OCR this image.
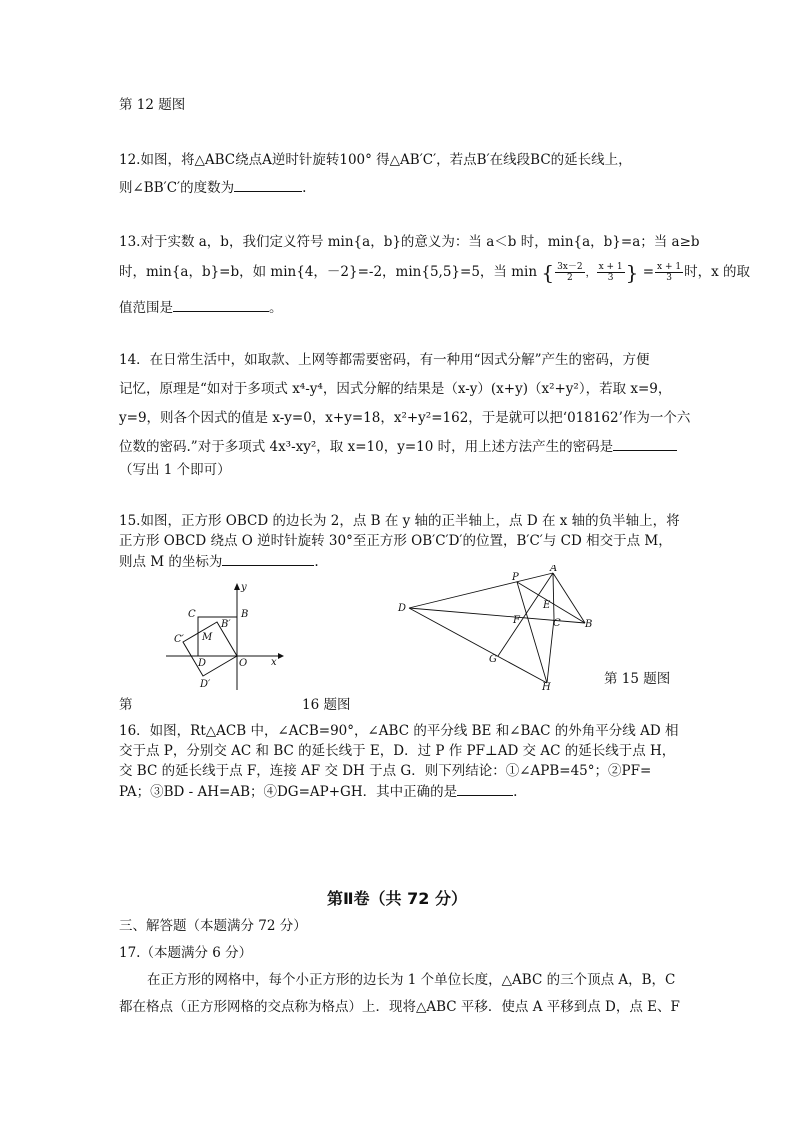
第 12 题图
12.如图，将△ABC绕点A逆时针旋转100° 得△AB′C′，若点B′在线段BC的延长线上，
则∠BB′C′的度数为	.
13.对于实数 a，b，我们定义符号 min{a，b}的意义为：当 a＜b 时，min{a，b}=a；当 a≥b
时，min{a，b}=b，如 min{4，－2}=-2，min{5,5}=5，当 min { $\frac{3x-2}{2}$ ， $\frac{x + 1}{3}$ } = $\frac{x + 1}{3}$ 时，x 的取
值范围是	。
14．在日常生活中，如取款、上网等都需要密码，有一种用“因式分解”产生的密码，方便
记忆，原理是“如对于多项式 x⁴-y⁴，因式分解的结果是（x-y）(x+y)（x²+y²），若取 x=9，
y=9，则各个因式的值是 x-y=0，x+y=18，x²+y²=162，于是就可以把‘018162’作为一个六
位数的密码.”对于多项式 4x³-xy²，取 x=10，y=10 时，用上述方法产生的密码是
（写出 1 个即可）
15.如图，正方形 OBCD 的边长为 2，点 B 在 y 轴的正半轴上，点 D 在 x 轴的负半轴上，将
正方形 OBCD 绕点 O 逆时针旋转 30°至正方形 OB′C′D′的位置，B′C′与 CD 相交于点 M，
则点 M 的坐标为	.
y
x
O
B
C
D
B′
C′
D′
M
P
A
E
D
F	C B
G
H
第 15 题图
第	16 题图
16．如图，Rt△ACB 中，∠ACB=90°，∠ABC 的平分线 BE 和∠BAC 的外角平分线 AD 相
交于点 P，分别交 AC 和 BC 的延长线于 E，D．过 P 作 PF⊥AD 交 AC 的延长线于点 H，
交 BC 的延长线于点 F，连接 AF 交 DH 于点 G．则下列结论：①∠APB=45°；②PF=
PA；③BD - AH=AB；④DG=AP+GH．其中正确的是	.
第Ⅱ卷（共 72 分）
三、解答题（本题满分 72 分）
17.（本题满分 6 分）
在正方形的网格中，每个小正方形的边长为 1 个单位长度，△ABC 的三个顶点 A，B，C
都在格点（正方形网格的交点称为格点）上．现将△ABC 平移．使点 A 平移到点 D，点 E、F
